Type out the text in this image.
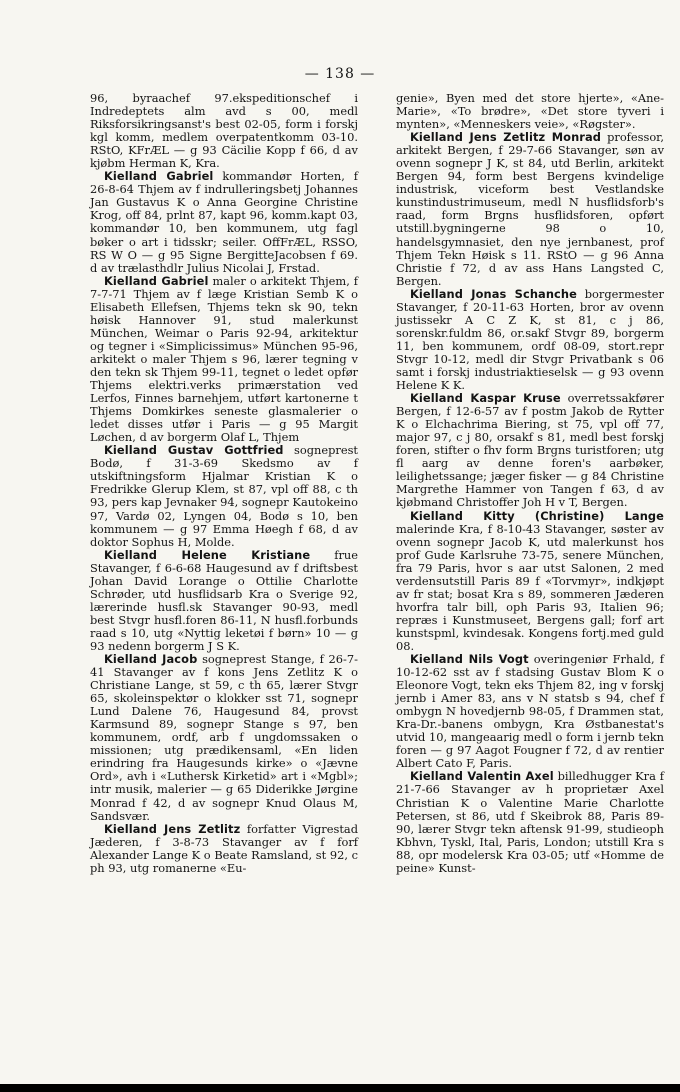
— 138 —

96, byraachef 97.ekspeditionschef i Indredeptets alm avd s 00, medl Riksforsikringsanst's best 02-05, form i forskj kgl komm, medlem overpatentkomm 03-10. RStO, KFrÆL — g 93 Cäcilie Kopp f 66, d av kjøbm Herman K, Kra.

Kielland Gabriel kommandør Horten, f 26-8-64 Thjem av f indrulleringsbetj Johannes Jan Gustavus K o Anna Georgine Christine Krog, off 84, prlnt 87, kapt 96, komm.kapt 03, kommandør 10, ben kommunem, utg fagl bøker o art i tidsskr; seiler. OffFrÆL, RSSO, RS W O — g 95 Signe BergitteJacobsen f 69. d av trælasthdlr Julius Nicolai J, Frstad.

Kielland Gabriel maler o arkitekt Thjem, f 7-7-71 Thjem av f læge Kristian Semb K o Elisabeth Ellefsen, Thjems tekn sk 90, tekn høisk Hannover 91, stud malerkunst München, Weimar o Paris 92-94, arkitektur og tegner i «Simplicissimus» München 95-96, arkitekt o maler Thjem s 96, lærer tegning v den tekn sk Thjem 99-11, tegnet o ledet opfør Thjems elektri.verks primærstation ved Lerfos, Finnes barnehjem, utført kartonerne t Thjems Domkirkes seneste glasmalerier o ledet disses utfør i Paris — g 95 Margit Løchen, d av borgerm Olaf L, Thjem

Kielland Gustav Gottfried sogneprest Bodø, f 31-3-69 Skedsmo av f utskiftningsform Hjalmar Kristian K o Fredrikke Glerup Klem, st 87, vpl off 88, c th 93, pers kap Jevnaker 94, sognepr Kautokeino 97, Vardø 02, Lyngen 04, Bodø s 10, ben kommunem — g 97 Emma Høegh f 68, d av doktor Sophus H, Molde.

Kielland Helene Kristiane frue Stavanger, f 6-6-68 Haugesund av f driftsbest Johan David Lorange o Ottilie Charlotte Schrøder, utd husflidsarb Kra o Sverige 92, lærerinde husfl.sk Stavanger 90-93, medl best Stvgr husfl.foren 86-11, N husfl.forbunds raad s 10, utg «Nyttig leketøi f børn» 10 — g 93 nedenn borgerm J S K.

Kielland Jacob sogneprest Stange, f 26-7-41 Stavanger av f kons Jens Zetlitz K o Christiane Lange, st 59, c th 65, lærer Stvgr 65, skoleinspektør o klokker sst 71, sognepr Lund Dalene 76, Haugesund 84, provst Karmsund 89, sognepr Stange s 97, ben kommunem, ordf, arb f ungdomssaken o missionen; utg prædikensaml, «En liden erindring fra Haugesunds kirke» o «Jævne Ord», avh i «Luthersk Kirketid» art i «Mgbl»; intr musik, malerier — g 65 Diderikke Jørgine Monrad f 42, d av sognepr Knud Olaus M, Sandsvær.

Kielland Jens Zetlitz forfatter Vigrestad Jæderen, f 3-8-73 Stavanger av f forf Alexander Lange K o Beate Ramsland, st 92, c ph 93, utg romanerne «Eu-

genie», Byen med det store hjerte», «Ane-Marie», «To brødre», «Det store tyveri i mynten», «Menneskers veie», «Røgster».

Kielland Jens Zetlitz Monrad professor, arkitekt Bergen, f 29-7-66 Stavanger, søn av ovenn sognepr J K, st 84, utd Berlin, arkitekt Bergen 94, form best Bergens kvindelige industrisk, viceform best Vestlandske kunstindustrimuseum, medl N husflidsforb's raad, form Brgns husflidsforen, opført utstill.bygningerne 98 o 10, handelsgymnasiet, den nye jernbanest, prof Thjem Tekn Høisk s 11. RStO — g 96 Anna Christie f 72, d av ass Hans Langsted C, Bergen.

Kielland Jonas Schanche borgermester Stavanger, f 20-11-63 Horten, bror av ovenn justissekr A C Z K, st 81, c j 86, sorenskr.fuldm 86, or.sakf Stvgr 89, borgerm 11, ben kommunem, ordf 08-09, stort.repr Stvgr 10-12, medl dir Stvgr Privatbank s 06 samt i forskj industriaktieselsk — g 93 ovenn Helene K K.

Kielland Kaspar Kruse overretssakfører Bergen, f 12-6-57 av f postm Jakob de Rytter K o Elchachrima Biering, st 75, vpl off 77, major 97, c j 80, orsakf s 81, medl best forskj foren, stifter o fhv form Brgns turistforen; utg fl aarg av denne foren's aarbøker, leilighetssange; jæger fisker — g 84 Christine Margrethe Hammer von Tangen f 63, d av kjøbmand Christoffer Joh H v T, Bergen.

Kielland Kitty (Christine) Lange malerinde Kra, f 8-10-43 Stavanger, søster av ovenn sognepr Jacob K, utd malerkunst hos prof Gude Karlsruhe 73-75, senere München, fra 79 Paris, hvor s aar utst Salonen, 2 med verdensutstill Paris 89 f «Torvmyr», indkjøpt av fr stat; bosat Kra s 89, sommeren Jæderen hvorfra talr bill, oph Paris 93, Italien 96; repræs i Kunstmuseet, Bergens gall; forf art kunstspml, kvindesak. Kongens fortj.med guld 08.

Kielland Nils Vogt overingeniør Frhald, f 10-12-62 sst av f stadsing Gustav Blom K o Eleonore Vogt, tekn eks Thjem 82, ing v forskj jernb i Amer 83, ans v N statsb s 94, chef f ombygn N hovedjernb 98-05, f Drammen stat, Kra-Dr.-banens ombygn, Kra Østbanestat's utvid 10, mangeaarig medl o form i jernb tekn foren — g 97 Aagot Fougner f 72, d av rentier Albert Cato F, Paris.

Kielland Valentin Axel billedhugger Kra f 21-7-66 Stavanger av h proprietær Axel Christian K o Valentine Marie Charlotte Petersen, st 86, utd f Skeibrok 88, Paris 89-90, lærer Stvgr tekn aftensk 91-99, studieoph Kbhvn, Tyskl, Ital, Paris, London; utstill Kra s 88, opr modelersk Kra 03-05; utf «Homme de peine» Kunst-
